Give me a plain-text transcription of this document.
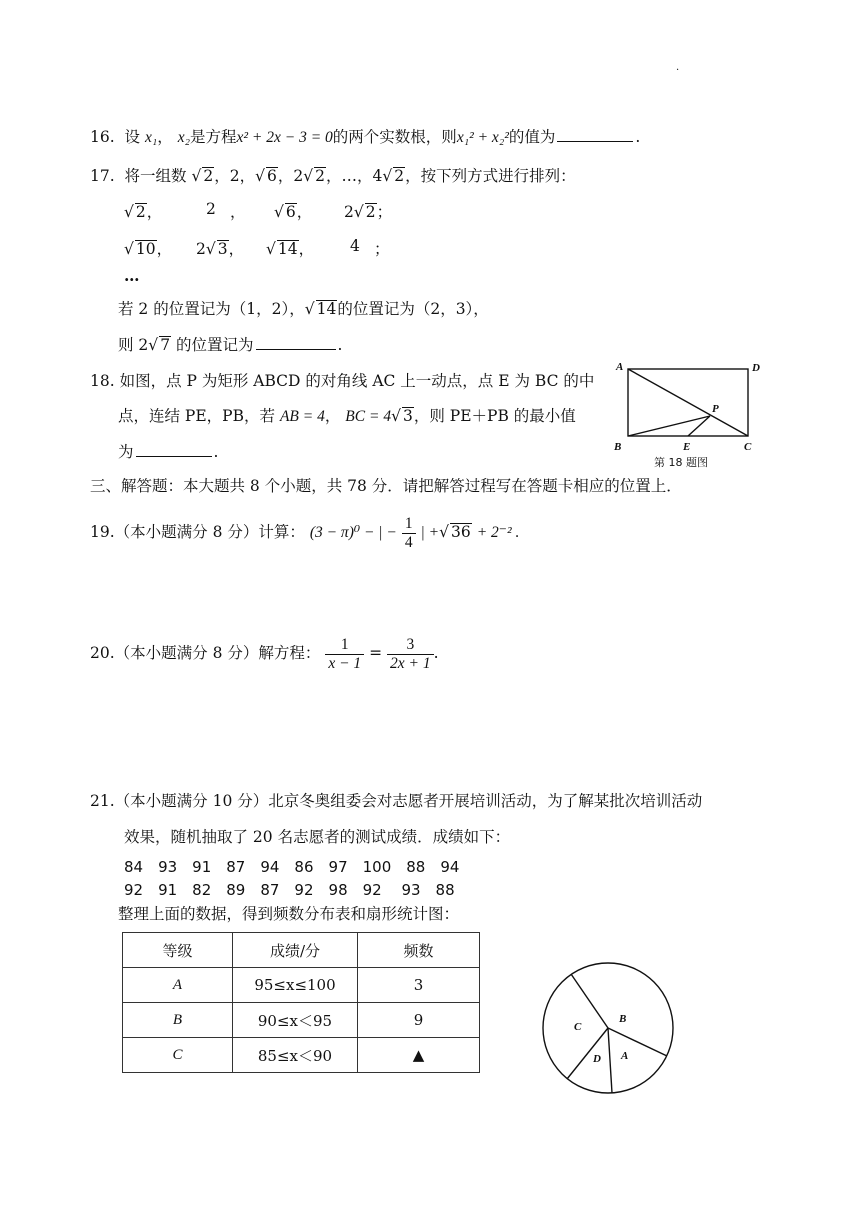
.
16. 设 x₁， x₂是方程x² + 2x − 3 = 0的两个实数根，则x₁² + x₂²的值为	.
17. 将一组数 √ 2，2，√ 6，2√ 2，…，4√ 2，按下列方式进行排列：
√ 2，	2 ， √ 6， 2√ 2；
√ 10， 2√ 3， √ 14， 4 ；
…
若 2 的位置记为（1，2），√ 14的位置记为（2，3），
则 2√ 7 的位置记为	.
18. 如图，点 P 为矩形 ABCD 的对角线 AC 上一动点，点 E 为 BC 的中
点，连结 PE，PB，若 AB = 4， BC = 4√ 3，则 PE＋PB 的最小值
为	.
A	D
B	C
E
P
第 18 题图
三、解答题：本大题共 8 个小题，共 78 分．请把解答过程写在答题卡相应的位置上．
19.（本小题满分 8 分）计算： (3 − π)⁰ − | − $\frac{1}{4}$ | +√ 36 + 2⁻² .
20.（本小题满分 8 分）解方程： $\frac{1}{x - 1} = \frac{3}{2x + 1}$ .
21.（本小题满分 10 分）北京冬奥组委会对志愿者开展培训活动，为了解某批次培训活动
效果，随机抽取了 20 名志愿者的测试成绩．成绩如下：
84　93　91　87　94　86　97　100　88　94
92　91　82　89　87　92　98　92　 93　88
整理上面的数据，得到频数分布表和扇形统计图：
等级	成绩/分	频数
A	95≤x≤100	3
B	90≤x＜95	9
C	85≤x＜90	▲
C
B
D A
